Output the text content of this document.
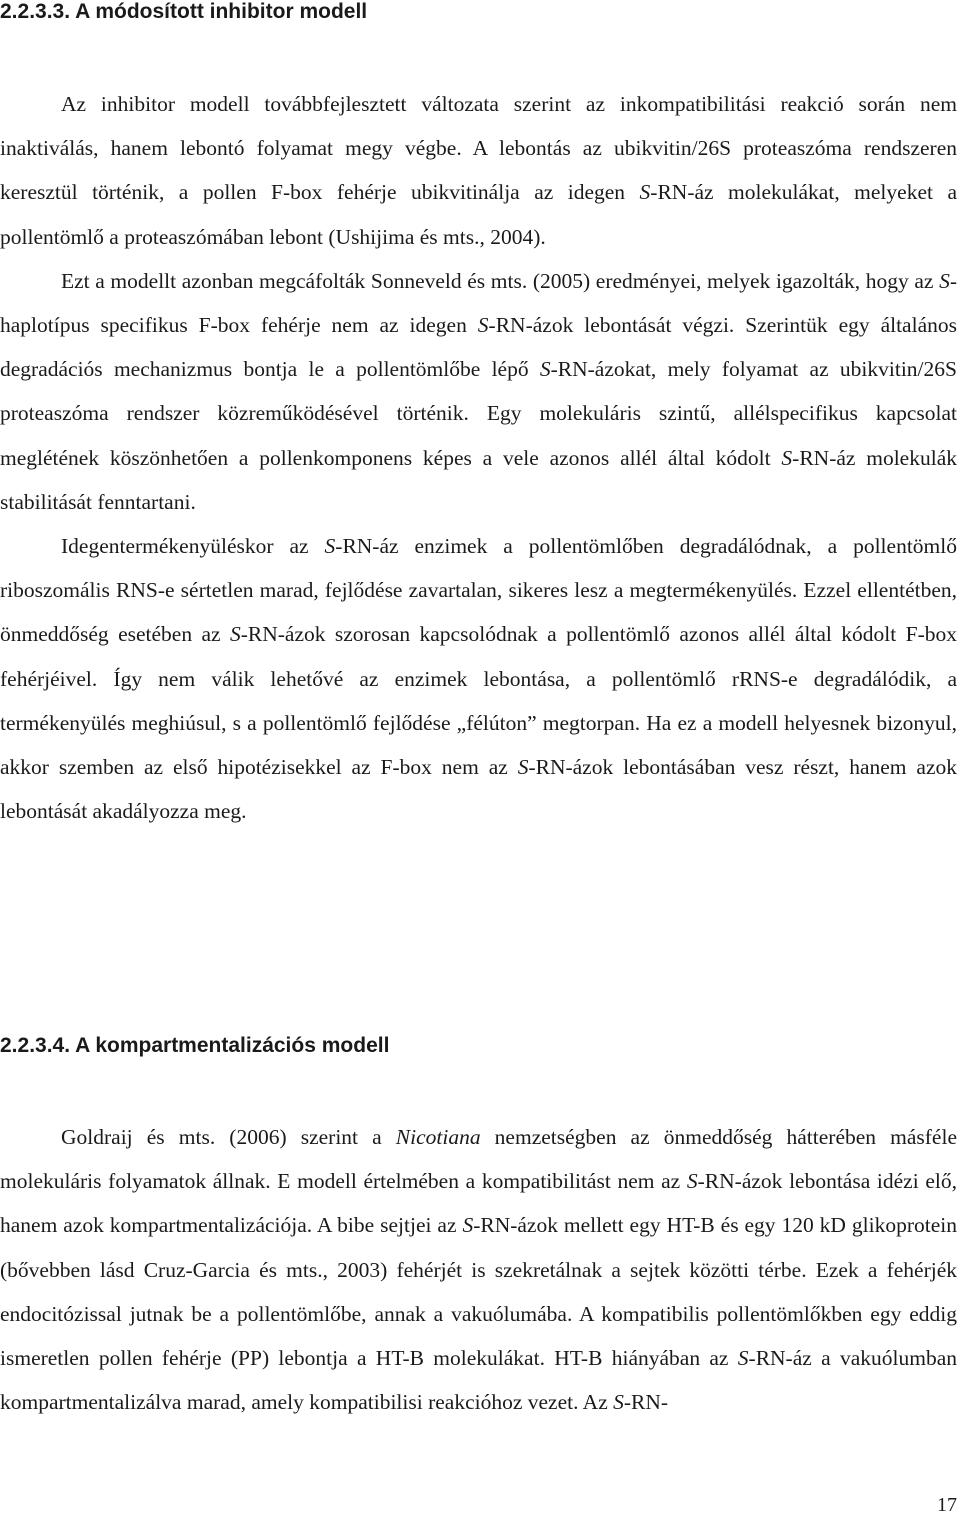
2.2.3.3. A módosított inhibitor modell

Az inhibitor modell továbbfejlesztett változata szerint az inkompatibilitási reakció során nem inaktiválás, hanem lebontó folyamat megy végbe. A lebontás az ubikvitin/26S proteaszóma rendszeren keresztül történik, a pollen F-box fehérje ubikvitinálja az idegen S-RN-áz molekulákat, melyeket a pollentömlő a proteaszómában lebont (Ushijima és mts., 2004).

Ezt a modellt azonban megcáfolták Sonneveld és mts. (2005) eredményei, melyek igazolták, hogy az S-haplotípus specifikus F-box fehérje nem az idegen S-RN-ázok lebontását végzi. Szerintük egy általános degradációs mechanizmus bontja le a pollentömlőbe lépő S-RN-ázokat, mely folyamat az ubikvitin/26S proteaszóma rendszer közreműködésével történik. Egy molekuláris szintű, allélspecifikus kapcsolat meglétének köszönhetően a pollenkomponens képes a vele azonos allél által kódolt S-RN-áz molekulák stabilitását fenntartani.

Idegentermékenyüléskor az S-RN-áz enzimek a pollentömlőben degradálódnak, a pollentömlő riboszomális RNS-e sértetlen marad, fejlődése zavartalan, sikeres lesz a megtermékenyülés. Ezzel ellentétben, önmeddőség esetében az S-RN-ázok szorosan kapcsolódnak a pollentömlő azonos allél által kódolt F-box fehérjéivel. Így nem válik lehetővé az enzimek lebontása, a pollentömlő rRNS-e degradálódik, a termékenyülés meghiúsul, s a pollentömlő fejlődése „félúton” megtorpan. Ha ez a modell helyesnek bizonyul, akkor szemben az első hipotézisekkel az F-box nem az S-RN-ázok lebontásában vesz részt, hanem azok lebontását akadályozza meg.

2.2.3.4. A kompartmentalizációs modell

Goldraij és mts. (2006) szerint a Nicotiana nemzetségben az önmeddőség hátterében másféle molekuláris folyamatok állnak. E modell értelmében a kompatibilitást nem az S-RN-ázok lebontása idézi elő, hanem azok kompartmentalizációja. A bibe sejtjei az S-RN-ázok mellett egy HT-B és egy 120 kD glikoprotein (bővebben lásd Cruz-Garcia és mts., 2003) fehérjét is szekretálnak a sejtek közötti térbe. Ezek a fehérjék endocitózissal jutnak be a pollentömlőbe, annak a vakuólumába. A kompatibilis pollentömlőkben egy eddig ismeretlen pollen fehérje (PP) lebontja a HT-B molekulákat. HT-B hiányában az S-RN-áz a vakuólumban kompartmentalizálva marad, amely kompatibilisi reakcióhoz vezet. Az S-RN-

17
